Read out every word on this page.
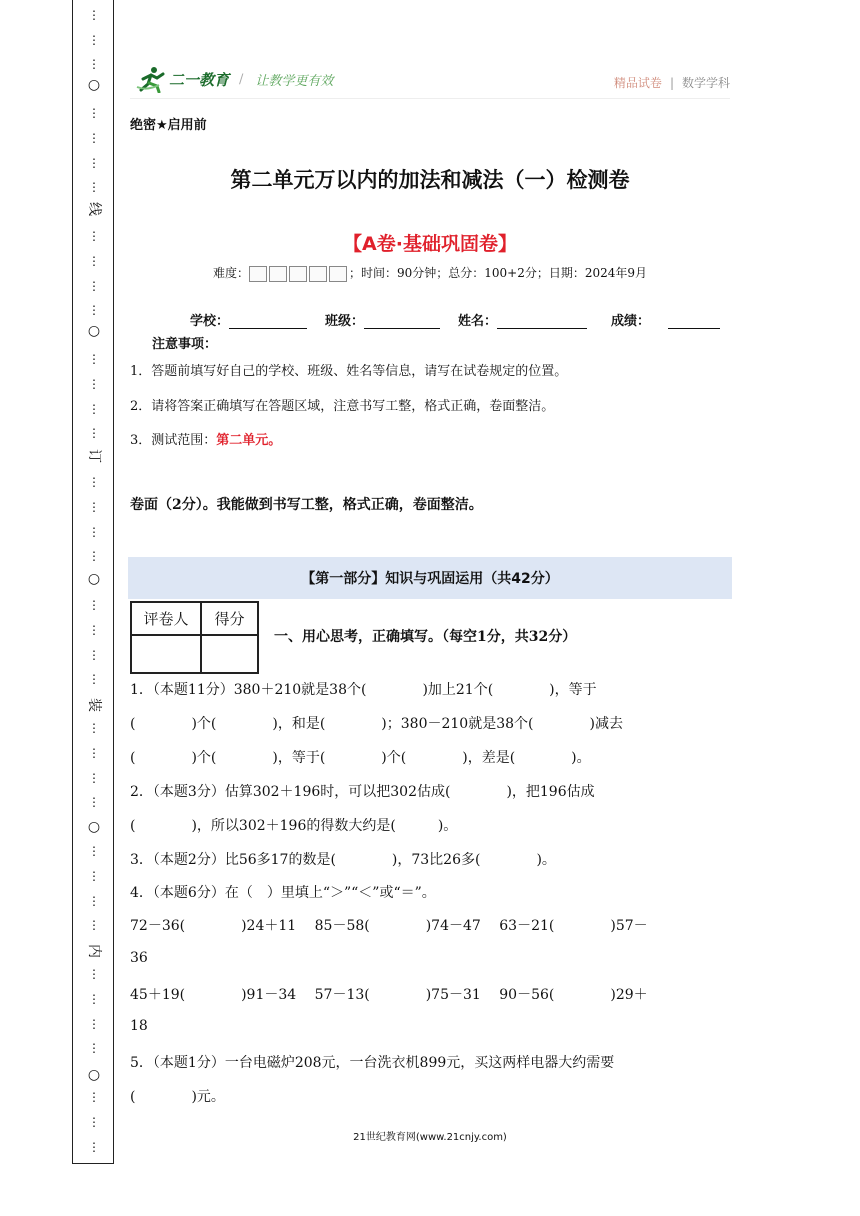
⋮
⋮
⋮
⋮
⋮
⋮
⋮
⋮
⋮
⋮
⋮
⋮
⋮
⋮
⋮
⋮
⋮
⋮
⋮
⋮
⋮
⋮
⋮
⋮
⋮
⋮
⋮
⋮
⋮
⋮
⋮
⋮
⋮
⋮
⋮
⋮
⋮
⋮
○
○
○
○
○
线
订
装
内
二一教育 / 让教学更有效	精品试卷 | 数学学科
绝密★启用前
第二单元万以内的加法和减法（一）检测卷
【A卷·基础巩固卷】
难度：	；时间：90分钟；总分：100+2分；日期：2024年9月
学校：	班级：	姓名：	成绩：
注意事项：
1．答题前填写好自己的学校、班级、姓名等信息，请写在试卷规定的位置。
2．请将答案正确填写在答题区域，注意书写工整，格式正确，卷面整洁。
3．测试范围：第二单元。
卷面（2分）。我能做到书写工整，格式正确，卷面整洁。
【第一部分】知识与巩固运用（共42分）
评卷人	得分

一、用心思考，正确填写。（每空1分，共32分）
1．（本题11分）380＋210就是38个(　　　　)加上21个(　　　　)，等于
(　　　　)个(　　　　)，和是(　　　　)；380－210就是38个(　　　　)减去
(　　　　)个(　　　　)，等于(　　　　)个(　　　　)，差是(　　　　)。
2．（本题3分）估算302＋196时，可以把302估成(　　　　)，把196估成
(　　　　)，所以302＋196的得数大约是(　　　)。
3．（本题2分）比56多17的数是(　　　　)，73比26多(　　　　)。
4．（本题6分）在（　）里填上“＞”“＜”或“＝”。
72－36(　　　　)24＋11　 85－58(　　　　)74－47　 63－21(　　　　)57－
36
45＋19(　　　　)91－34　 57－13(　　　　)75－31　 90－56(　　　　)29＋
18
5．（本题1分）一台电磁炉208元，一台洗衣机899元，买这两样电器大约需要
(　　　　)元。
21世纪教育网(www.21cnjy.com)
